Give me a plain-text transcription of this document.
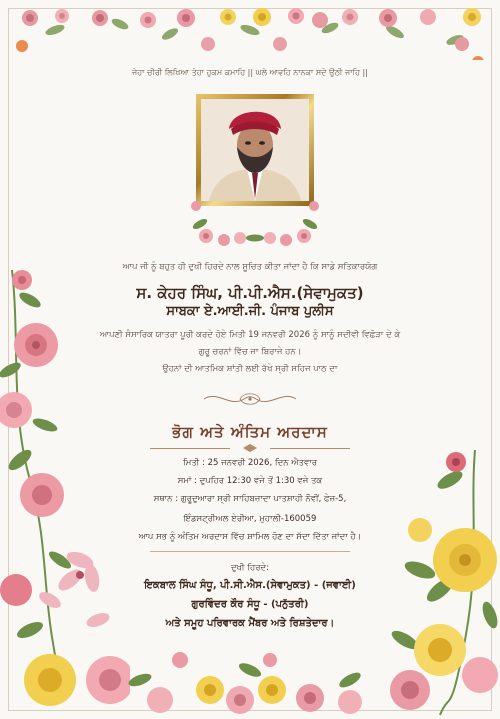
ਜੇਹਾ ਚੀਰੀ ਲਿਖਿਆ ਤੇਹਾ ਹੁਕਮ ਕਮਾਹਿ || ਘਲੇ ਆਵਹਿ ਨਾਨਕਾ ਸਦੇ ਉਠੀ ਜਾਹਿ ||
ਆਪ ਜੀ ਨੂੰ ਬਹੁਤ ਹੀ ਦੁਖੀ ਹਿਰਦੇ ਨਾਲ ਸੂਚਿਤ ਕੀਤਾ ਜਾਂਦਾ ਹੈ ਕਿ ਸਾਡੇ ਸਤਿਕਾਰਯੋਗ
ਸ. ਕੇਹਰ ਸਿੰਘ, ਪੀ.ਪੀ.ਐਸ.(ਸੇਵਾਮੁਕਤ)
ਸਾਬਕਾ ਏ.ਆਈ.ਜੀ. ਪੰਜਾਬ ਪੁਲੀਸ
ਆਪਣੀ ਸੰਸਾਰਿਕ ਯਾਤਰਾ ਪੂਰੀ ਕਰਦੇ ਹੋਏ ਮਿਤੀ 19 ਜਨਵਰੀ 2026 ਨੂੰ ਸਾਨੂੰ ਸਦੀਵੀ ਵਿਛੋੜਾ ਦੇ ਕੇ
ਗੁਰੂ ਚਰਨਾਂ ਵਿੱਚ ਜਾ ਬਿਰਾਜੇ ਹਨ।
ਉਹਨਾਂ ਦੀ ਆਤਮਿਕ ਸ਼ਾਂਤੀ ਲਈ ਰੱਖੇ ਸ੍ਰੀ ਸਹਿਜ ਪਾਠ ਦਾ
ਭੋਗ ਅਤੇ ਅੰਤਿਮ ਅਰਦਾਸ
ਮਿਤੀ : 25 ਜਨਵਰੀ 2026, ਦਿਨ ਐਤਵਾਰ
ਸਮਾਂ : ਦੁਪਹਿਰ 12:30 ਵਜੇ ਤੋਂ 1:30 ਵਜੇ ਤਕ
ਸਥਾਨ : ਗੁਰੂਦੁਆਰਾ ਸ੍ਰੀ ਸਾਹਿਬਜ਼ਾਦਾ ਪਾਤਸ਼ਾਹੀ ਨੌਵੀਂ, ਫੇਜ਼-5,
ਇੰਡਸਟ੍ਰੀਅਲ ਏਰੀਆ, ਮੁਹਾਲੀ-160059
ਆਪ ਸਭ ਨੂੰ ਅੰਤਿਮ ਅਰਦਾਸ ਵਿੱਚ ਸ਼ਾਮਿਲ ਹੋਣ ਦਾ ਸੱਦਾ ਦਿੱਤਾ ਜਾਂਦਾ ਹੈ।
ਦੁਖੀ ਹਿਰਦੇ:
ਇਕਬਾਲ ਸਿੰਘ ਸੰਧੂ, ਪੀ.ਸੀ.ਐਸ.(ਸੇਵਾਮੁਕਤ) - (ਜਵਾਈ)
ਗੁਰਵਿੰਦਰ ਕੌਰ ਸੰਧੂ - (ਪਨੁੱਤਰੀ)
ਅਤੇ ਸਮੂਹ ਪਰਿਵਾਰਕ ਮੈਂਬਰ ਅਤੇ ਰਿਸ਼ਤੇਦਾਰ।
